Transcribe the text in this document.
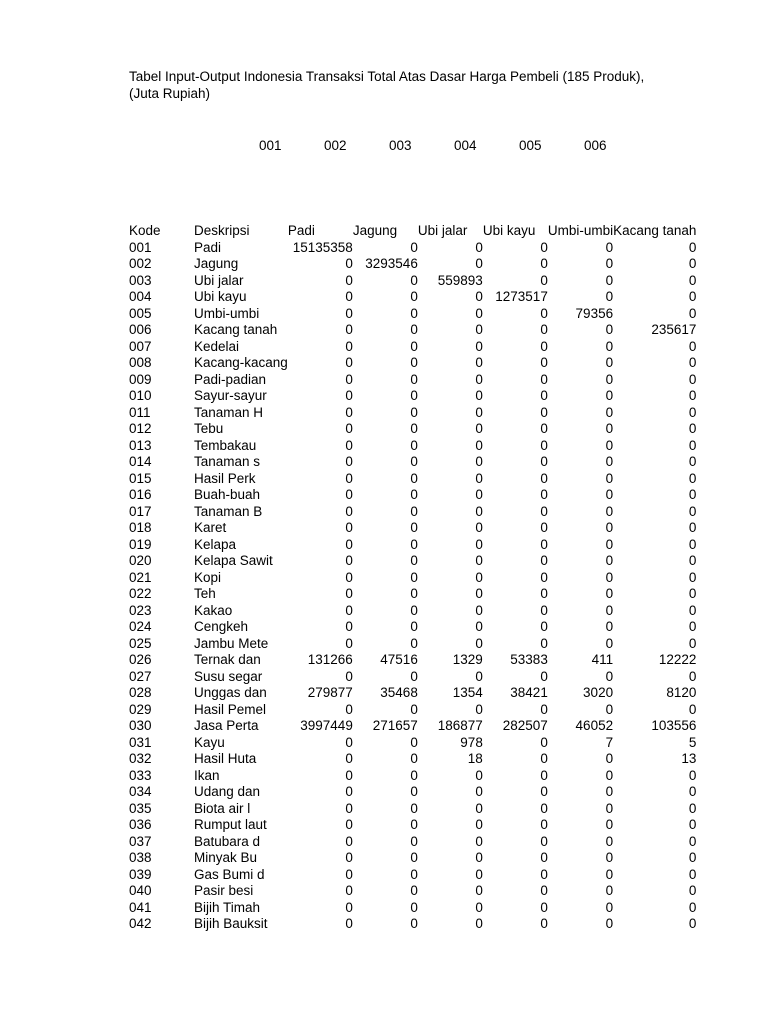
Tabel Input-Output Indonesia Transaksi Total Atas Dasar Harga Pembeli (185 Produk),
(Juta Rupiah)
001	002	003	004	005	006
Kode	Deskripsi	Padi	Jagung	Ubi jalar	Ubi kayu	Umbi-umbi	Kacang tanah
001	Padi	15135358	0	0	0	0	0
002	Jagung	0	3293546	0	0	0	0
003	Ubi jalar	0	0	559893	0	0	0
004	Ubi kayu	0	0	0	1273517	0	0
005	Umbi-umbi	0	0	0	0	79356	0
006	Kacang tanah	0	0	0	0	0	235617
007	Kedelai	0	0	0	0	0	0
008	Kacang-kacang	0	0	0	0	0	0
009	Padi-padian	0	0	0	0	0	0
010	Sayur-sayur	0	0	0	0	0	0
011	Tanaman H	0	0	0	0	0	0
012	Tebu	0	0	0	0	0	0
013	Tembakau	0	0	0	0	0	0
014	Tanaman s	0	0	0	0	0	0
015	Hasil Perk	0	0	0	0	0	0
016	Buah-buah	0	0	0	0	0	0
017	Tanaman B	0	0	0	0	0	0
018	Karet	0	0	0	0	0	0
019	Kelapa	0	0	0	0	0	0
020	Kelapa Sawit	0	0	0	0	0	0
021	Kopi	0	0	0	0	0	0
022	Teh	0	0	0	0	0	0
023	Kakao	0	0	0	0	0	0
024	Cengkeh	0	0	0	0	0	0
025	Jambu Mete	0	0	0	0	0	0
026	Ternak dan	131266	47516	1329	53383	411	12222
027	Susu segar	0	0	0	0	0	0
028	Unggas dan	279877	35468	1354	38421	3020	8120
029	Hasil Pemel	0	0	0	0	0	0
030	Jasa Perta	3997449	271657	186877	282507	46052	103556
031	Kayu	0	0	978	0	7	5
032	Hasil Huta	0	0	18	0	0	13
033	Ikan	0	0	0	0	0	0
034	Udang dan	0	0	0	0	0	0
035	Biota air l	0	0	0	0	0	0
036	Rumput laut	0	0	0	0	0	0
037	Batubara d	0	0	0	0	0	0
038	Minyak Bu	0	0	0	0	0	0
039	Gas Bumi d	0	0	0	0	0	0
040	Pasir besi	0	0	0	0	0	0
041	Bijih Timah	0	0	0	0	0	0
042	Bijih Bauksit	0	0	0	0	0	0
